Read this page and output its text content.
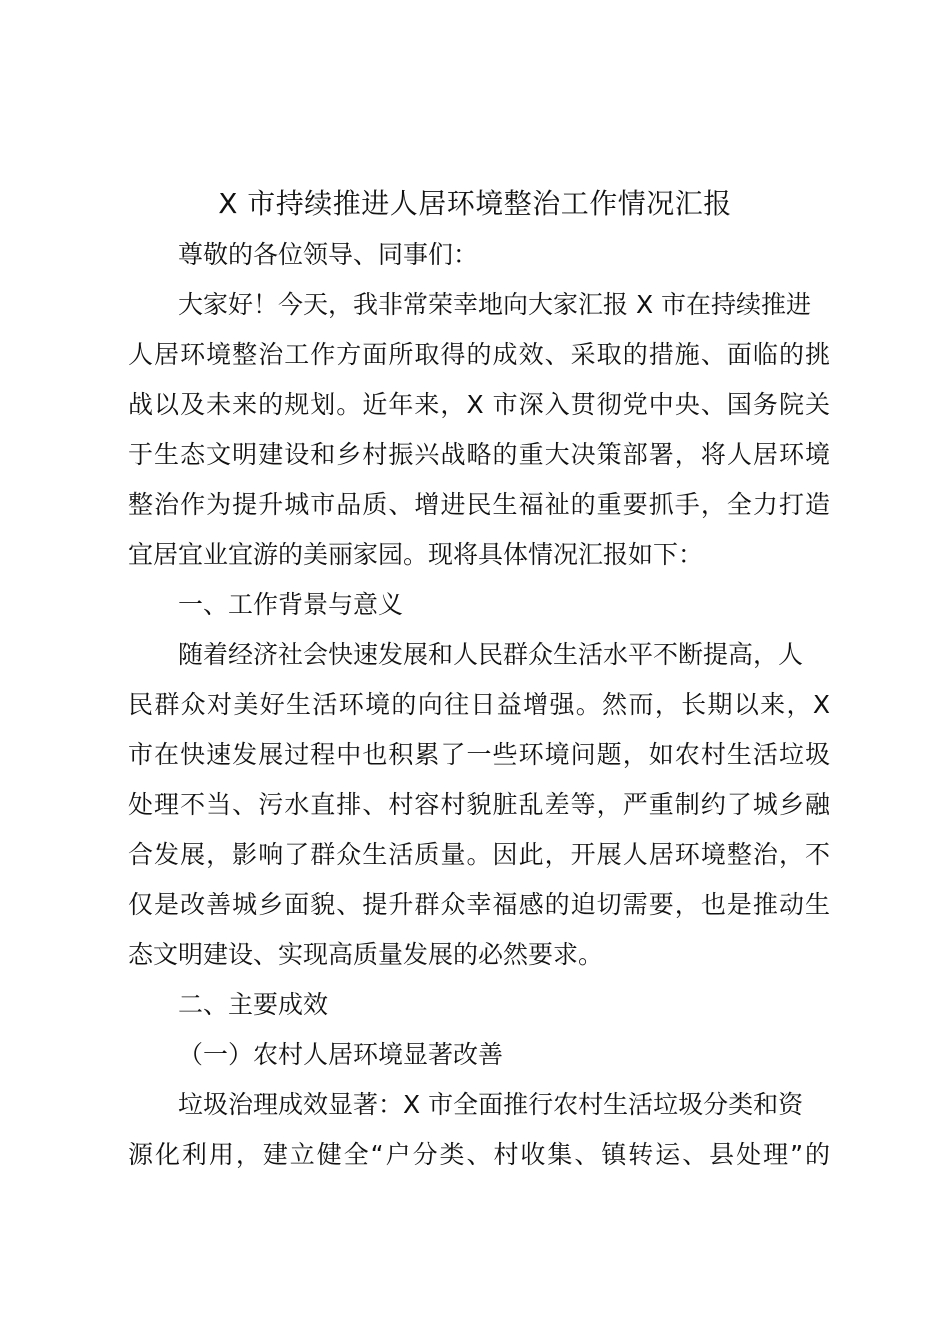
X 市持续推进人居环境整治工作情况汇报
尊敬的各位领导、同事们：
大家好！今天，我非常荣幸地向大家汇报 X 市在持续推进
人居环境整治工作方面所取得的成效、采取的措施、面临的挑
战以及未来的规划。近年来，X 市深入贯彻党中央、国务院关
于生态文明建设和乡村振兴战略的重大决策部署，将人居环境
整治作为提升城市品质、增进民生福祉的重要抓手，全力打造
宜居宜业宜游的美丽家园。现将具体情况汇报如下：
一、工作背景与意义
随着经济社会快速发展和人民群众生活水平不断提高，人
民群众对美好生活环境的向往日益增强。然而，长期以来，X
市在快速发展过程中也积累了一些环境问题，如农村生活垃圾
处理不当、污水直排、村容村貌脏乱差等，严重制约了城乡融
合发展，影响了群众生活质量。因此，开展人居环境整治，不
仅是改善城乡面貌、提升群众幸福感的迫切需要，也是推动生
态文明建设、实现高质量发展的必然要求。
二、主要成效
（一）农村人居环境显著改善
垃圾治理成效显著：X 市全面推行农村生活垃圾分类和资
源化利用，建立健全“户分类、村收集、镇转运、县处理”的
